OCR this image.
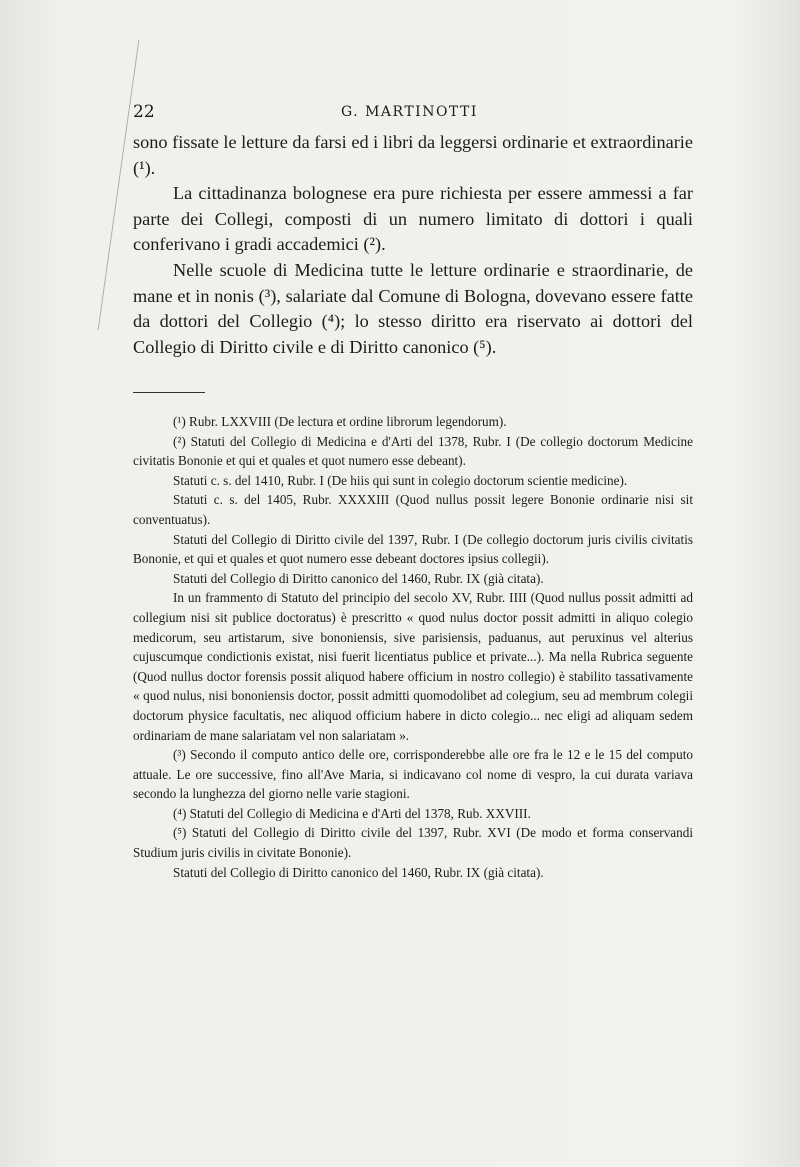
22	G. MARTINOTTI

sono fissate le letture da farsi ed i libri da leggersi ordinarie et extraordinarie (¹).

La cittadinanza bolognese era pure richiesta per essere ammessi a far parte dei Collegi, composti di un numero limitato di dottori i quali conferivano i gradi accademici (²).

Nelle scuole di Medicina tutte le letture ordinarie e straordinarie, de mane et in nonis (³), salariate dal Comune di Bologna, dovevano essere fatte da dottori del Collegio (⁴); lo stesso diritto era riservato ai dottori del Collegio di Diritto civile e di Diritto canonico (⁵).

(¹) Rubr. LXXVIII (De lectura et ordine librorum legendorum).

(²) Statuti del Collegio di Medicina e d'Arti del 1378, Rubr. I (De collegio doctorum Medicine civitatis Bononie et qui et quales et quot numero esse debeant).

Statuti c. s. del 1410, Rubr. I (De hiis qui sunt in colegio doctorum scientie medicine).

Statuti c. s. del 1405, Rubr. XXXXIII (Quod nullus possit legere Bononie ordinarie nisi sit conventuatus).

Statuti del Collegio di Diritto civile del 1397, Rubr. I (De collegio doctorum juris civilis civitatis Bononie, et qui et quales et quot numero esse debeant doctores ipsius collegii).

Statuti del Collegio di Diritto canonico del 1460, Rubr. IX (già citata).

In un frammento di Statuto del principio del secolo XV, Rubr. IIII (Quod nullus possit admitti ad collegium nisi sit publice doctoratus) è prescritto « quod nulus doctor possit admitti in aliquo colegio medicorum, seu artistarum, sive bononiensis, sive parisiensis, paduanus, aut peruxinus vel alterius cujuscumque condictionis existat, nisi fuerit licentiatus publice et private...). Ma nella Rubrica seguente (Quod nullus doctor forensis possit aliquod habere officium in nostro collegio) è stabilito tassativamente « quod nulus, nisi bononiensis doctor, possit admitti quomodolibet ad colegium, seu ad membrum colegii doctorum physice facultatis, nec aliquod officium habere in dicto colegio... nec eligi ad aliquam sedem ordinariam de mane salariatam vel non salariatam ».

(³) Secondo il computo antico delle ore, corrisponderebbe alle ore fra le 12 e le 15 del computo attuale. Le ore successive, fino all'Ave Maria, si indicavano col nome di vespro, la cui durata variava secondo la lunghezza del giorno nelle varie stagioni.

(⁴) Statuti del Collegio di Medicina e d'Arti del 1378, Rub. XXVIII.

(⁵) Statuti del Collegio di Diritto civile del 1397, Rubr. XVI (De modo et forma conservandi Studium juris civilis in civitate Bononie).

Statuti del Collegio di Diritto canonico del 1460, Rubr. IX (già citata).
